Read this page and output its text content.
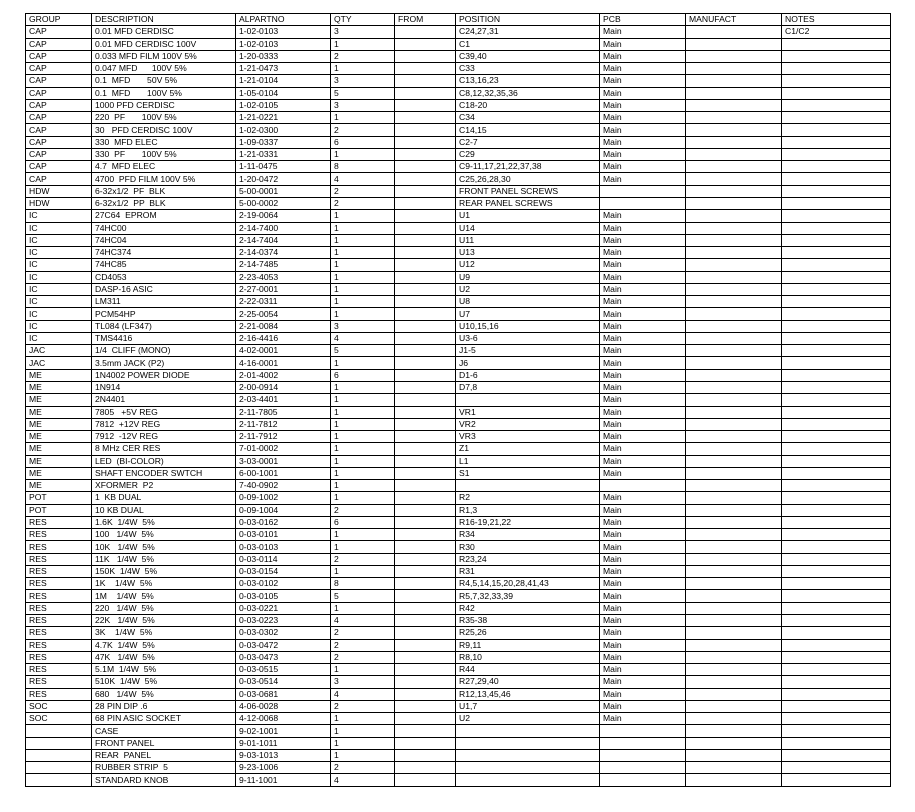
GROUP	DESCRIPTION	ALPARTNO	QTY	FROM	POSITION	PCB	MANUFACT	NOTES
CAP	0.01 MFD CERDISC	1-02-0103	3		C24,27,31	Main		C1/C2
CAP	0.01 MFD CERDISC 100V	1-02-0103	1		C1	Main		
CAP	0.033 MFD FILM 100V 5%	1-20-0333	2		C39,40	Main		
CAP	0.047 MFD      100V 5%	1-21-0473	1		C33	Main		
CAP	0.1  MFD       50V 5%	1-21-0104	3		C13,16,23	Main		
CAP	0.1  MFD       100V 5%	1-05-0104	5		C8,12,32,35,36	Main		
CAP	1000 PFD CERDISC	1-02-0105	3		C18-20	Main		
CAP	220  PF       100V 5%	1-21-0221	1		C34	Main		
CAP	30   PFD CERDISC 100V	1-02-0300	2		C14,15	Main		
CAP	330  MFD ELEC	1-09-0337	6		C2-7	Main		
CAP	330  PF       100V 5%	1-21-0331	1		C29	Main		
CAP	4.7  MFD ELEC	1-11-0475	8		C9-11,17,21,22,37,38	Main		
CAP	4700  PFD FILM 100V 5%	1-20-0472	4		C25,26,28,30	Main		
HDW	6-32x1/2  PF  BLK	5-00-0001	2		FRONT PANEL SCREWS			
HDW	6-32x1/2  PP  BLK	5-00-0002	2		REAR PANEL SCREWS			
IC	27C64  EPROM	2-19-0064	1		U1	Main		
IC	74HC00	2-14-7400	1		U14	Main		
IC	74HC04	2-14-7404	1		U11	Main		
IC	74HC374	2-14-0374	1		U13	Main		
IC	74HC85	2-14-7485	1		U12	Main		
IC	CD4053	2-23-4053	1		U9	Main		
IC	DASP-16 ASIC	2-27-0001	1		U2	Main		
IC	LM311	2-22-0311	1		U8	Main		
IC	PCM54HP	2-25-0054	1		U7	Main		
IC	TL084 (LF347)	2-21-0084	3		U10,15,16	Main		
IC	TMS4416	2-16-4416	4		U3-6	Main		
JAC	1/4  CLIFF (MONO)	4-02-0001	5		J1-5	Main		
JAC	3.5mm JACK (P2)	4-16-0001	1		J6	Main		
ME	1N4002 POWER DIODE	2-01-4002	6		D1-6	Main		
ME	1N914	2-00-0914	1		D7,8	Main		
ME	2N4401	2-03-4401	1			Main		
ME	7805   +5V REG	2-11-7805	1		VR1	Main		
ME	7812  +12V REG	2-11-7812	1		VR2	Main		
ME	7912  -12V REG	2-11-7912	1		VR3	Main		
ME	8 MHz CER RES	7-01-0002	1		Z1	Main		
ME	LED  (BI-COLOR)	3-03-0001	1		L1	Main		
ME	SHAFT ENCODER SWTCH	6-00-1001	1		S1	Main		
ME	XFORMER  P2	7-40-0902	1					
POT	1  KB DUAL	0-09-1002	1		R2	Main		
POT	10 KB DUAL	0-09-1004	2		R1,3	Main		
RES	1.6K  1/4W  5%	0-03-0162	6		R16-19,21,22	Main		
RES	100   1/4W  5%	0-03-0101	1		R34	Main		
RES	10K   1/4W  5%	0-03-0103	1		R30	Main		
RES	11K   1/4W  5%	0-03-0114	2		R23,24	Main		
RES	150K  1/4W  5%	0-03-0154	1		R31	Main		
RES	1K    1/4W  5%	0-03-0102	8		R4,5,14,15,20,28,41,43	Main		
RES	1M    1/4W  5%	0-03-0105	5		R5,7,32,33,39	Main		
RES	220   1/4W  5%	0-03-0221	1		R42	Main		
RES	22K   1/4W  5%	0-03-0223	4		R35-38	Main		
RES	3K    1/4W  5%	0-03-0302	2		R25,26	Main		
RES	4.7K  1/4W  5%	0-03-0472	2		R9,11	Main		
RES	47K   1/4W  5%	0-03-0473	2		R8,10	Main		
RES	5.1M  1/4W  5%	0-03-0515	1		R44	Main		
RES	510K  1/4W  5%	0-03-0514	3		R27,29,40	Main		
RES	680   1/4W  5%	0-03-0681	4		R12,13,45,46	Main		
SOC	28 PIN DIP .6	4-06-0028	2		U1,7	Main		
SOC	68 PIN ASIC SOCKET	4-12-0068	1		U2	Main		
	CASE	9-02-1001	1					
	FRONT PANEL	9-01-1011	1					
	REAR  PANEL	9-03-1013	1					
	RUBBER STRIP  5	9-23-1006	2					
	STANDARD KNOB	9-11-1001	4					
